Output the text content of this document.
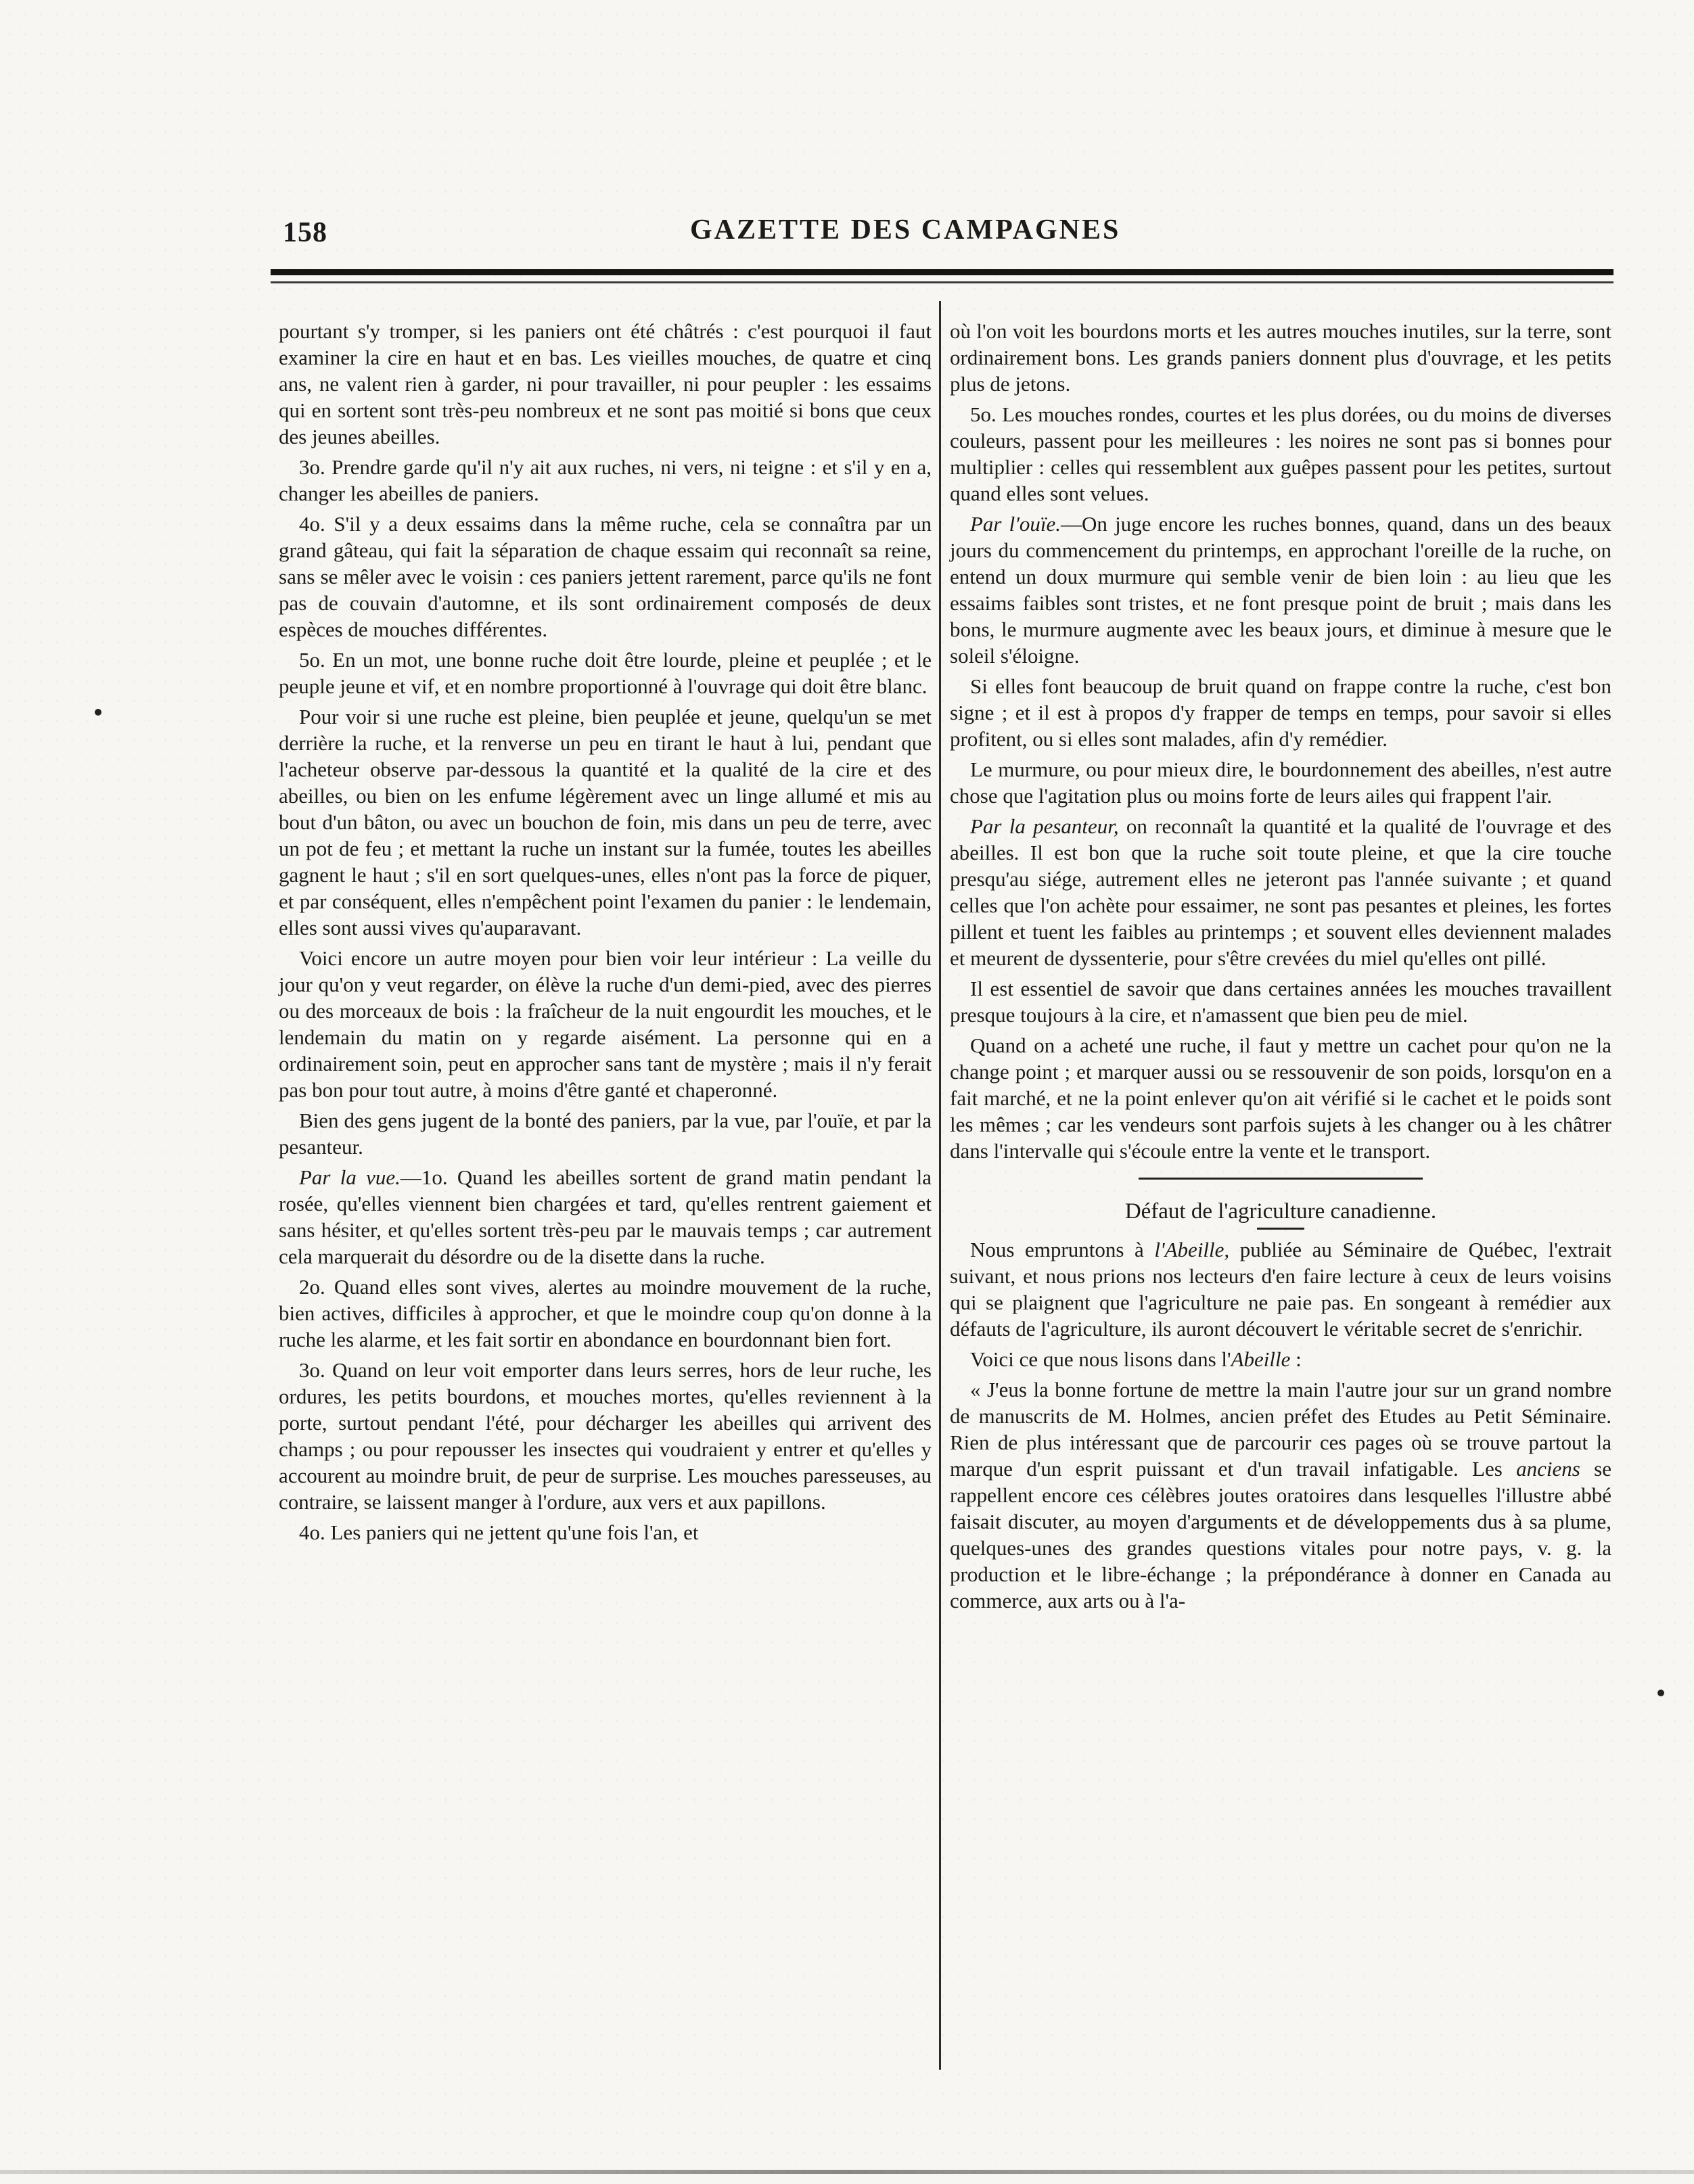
158	GAZETTE DES CAMPAGNES

pourtant s'y tromper, si les paniers ont été châtrés : c'est pourquoi il faut examiner la cire en haut et en bas. Les vieilles mouches, de quatre et cinq ans, ne valent rien à garder, ni pour travailler, ni pour peupler : les essaims qui en sortent sont très-peu nombreux et ne sont pas moitié si bons que ceux des jeunes abeilles.

3o. Prendre garde qu'il n'y ait aux ruches, ni vers, ni teigne : et s'il y en a, changer les abeilles de paniers.

4o. S'il y a deux essaims dans la même ruche, cela se connaîtra par un grand gâteau, qui fait la séparation de chaque essaim qui reconnaît sa reine, sans se mêler avec le voisin : ces paniers jettent rarement, parce qu'ils ne font pas de couvain d'automne, et ils sont ordinairement composés de deux espèces de mouches différentes.

5o. En un mot, une bonne ruche doit être lourde, pleine et peuplée ; et le peuple jeune et vif, et en nombre proportionné à l'ouvrage qui doit être blanc.

Pour voir si une ruche est pleine, bien peuplée et jeune, quelqu'un se met derrière la ruche, et la renverse un peu en tirant le haut à lui, pendant que l'acheteur observe par-dessous la quantité et la qualité de la cire et des abeilles, ou bien on les enfume légèrement avec un linge allumé et mis au bout d'un bâton, ou avec un bouchon de foin, mis dans un peu de terre, avec un pot de feu ; et mettant la ruche un instant sur la fumée, toutes les abeilles gagnent le haut ; s'il en sort quelques-unes, elles n'ont pas la force de piquer, et par conséquent, elles n'empêchent point l'examen du panier : le lendemain, elles sont aussi vives qu'auparavant.

Voici encore un autre moyen pour bien voir leur intérieur : La veille du jour qu'on y veut regarder, on élève la ruche d'un demi-pied, avec des pierres ou des morceaux de bois : la fraîcheur de la nuit engourdit les mouches, et le lendemain du matin on y regarde aisément. La personne qui en a ordinairement soin, peut en approcher sans tant de mystère ; mais il n'y ferait pas bon pour tout autre, à moins d'être ganté et chaperonné.

Bien des gens jugent de la bonté des paniers, par la vue, par l'ouïe, et par la pesanteur.

Par la vue.—1o. Quand les abeilles sortent de grand matin pendant la rosée, qu'elles viennent bien chargées et tard, qu'elles rentrent gaiement et sans hésiter, et qu'elles sortent très-peu par le mauvais temps ; car autrement cela marquerait du désordre ou de la disette dans la ruche.

2o. Quand elles sont vives, alertes au moindre mouvement de la ruche, bien actives, difficiles à approcher, et que le moindre coup qu'on donne à la ruche les alarme, et les fait sortir en abondance en bourdonnant bien fort.

3o. Quand on leur voit emporter dans leurs serres, hors de leur ruche, les ordures, les petits bourdons, et mouches mortes, qu'elles reviennent à la porte, surtout pendant l'été, pour décharger les abeilles qui arrivent des champs ; ou pour repousser les insectes qui voudraient y entrer et qu'elles y accourent au moindre bruit, de peur de surprise. Les mouches paresseuses, au contraire, se laissent manger à l'ordure, aux vers et aux papillons.

4o. Les paniers qui ne jettent qu'une fois l'an, et

où l'on voit les bourdons morts et les autres mouches inutiles, sur la terre, sont ordinairement bons. Les grands paniers donnent plus d'ouvrage, et les petits plus de jetons.

5o. Les mouches rondes, courtes et les plus dorées, ou du moins de diverses couleurs, passent pour les meilleures : les noires ne sont pas si bonnes pour multiplier : celles qui ressemblent aux guêpes passent pour les petites, surtout quand elles sont velues.

Par l'ouïe.—On juge encore les ruches bonnes, quand, dans un des beaux jours du commencement du printemps, en approchant l'oreille de la ruche, on entend un doux murmure qui semble venir de bien loin : au lieu que les essaims faibles sont tristes, et ne font presque point de bruit ; mais dans les bons, le murmure augmente avec les beaux jours, et diminue à mesure que le soleil s'éloigne.

Si elles font beaucoup de bruit quand on frappe contre la ruche, c'est bon signe ; et il est à propos d'y frapper de temps en temps, pour savoir si elles profitent, ou si elles sont malades, afin d'y remédier.

Le murmure, ou pour mieux dire, le bourdonnement des abeilles, n'est autre chose que l'agitation plus ou moins forte de leurs ailes qui frappent l'air.

Par la pesanteur, on reconnaît la quantité et la qualité de l'ouvrage et des abeilles. Il est bon que la ruche soit toute pleine, et que la cire touche presqu'au siége, autrement elles ne jeteront pas l'année suivante ; et quand celles que l'on achète pour essaimer, ne sont pas pesantes et pleines, les fortes pillent et tuent les faibles au printemps ; et souvent elles deviennent malades et meurent de dyssenterie, pour s'être crevées du miel qu'elles ont pillé.

Il est essentiel de savoir que dans certaines années les mouches travaillent presque toujours à la cire, et n'amassent que bien peu de miel.

Quand on a acheté une ruche, il faut y mettre un cachet pour qu'on ne la change point ; et marquer aussi ou se ressouvenir de son poids, lorsqu'on en a fait marché, et ne la point enlever qu'on ait vérifié si le cachet et le poids sont les mêmes ; car les vendeurs sont parfois sujets à les changer ou à les châtrer dans l'intervalle qui s'écoule entre la vente et le transport.

Défaut de l'agriculture canadienne.

Nous empruntons à l'Abeille, publiée au Séminaire de Québec, l'extrait suivant, et nous prions nos lecteurs d'en faire lecture à ceux de leurs voisins qui se plaignent que l'agriculture ne paie pas. En songeant à remédier aux défauts de l'agriculture, ils auront découvert le véritable secret de s'enrichir.

Voici ce que nous lisons dans l'Abeille :

« J'eus la bonne fortune de mettre la main l'autre jour sur un grand nombre de manuscrits de M. Holmes, ancien préfet des Etudes au Petit Séminaire. Rien de plus intéressant que de parcourir ces pages où se trouve partout la marque d'un esprit puissant et d'un travail infatigable. Les anciens se rappellent encore ces célèbres joutes oratoires dans lesquelles l'illustre abbé faisait discuter, au moyen d'arguments et de développements dus à sa plume, quelques-unes des grandes questions vitales pour notre pays, v. g. la production et le libre-échange ; la prépondérance à donner en Canada au commerce, aux arts ou à l'a-
